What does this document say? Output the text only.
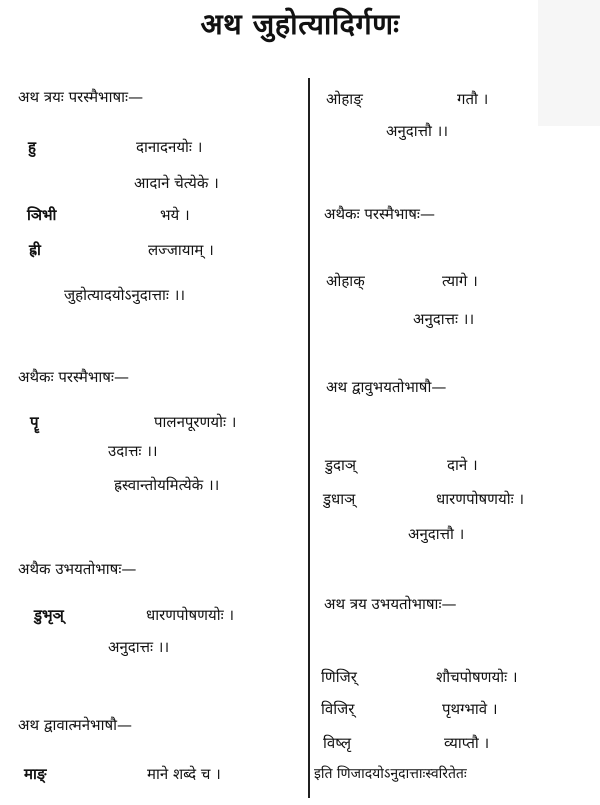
अथ जुहोत्यादिर्गणः
अथ त्रयः परस्मैभाषाः—
हु	दानादनयोः ।
आदाने चेत्येके ।
ञिभी	भये ।
ह्री	लज्जायाम् ।
जुहोत्यादयोऽनुदात्ताः ।।
अथैकः परस्मैभाषः—
पॄ	पालनपूरणयोः ।
उदात्तः ।।
ह्रस्वान्तोयमित्येके ।।
अथैक उभयतोभाषः—
डुभृञ्	धारणपोषणयोः ।
अनुदात्तः ।।
अथ द्वावात्मनेभाषौ—
माङ्	माने शब्दे च ।
ओहाङ्	गतौ ।
अनुदात्तौ ।।
अथैकः परस्मैभाषः—
ओहाक्	त्यागे ।
अनुदात्तः ।।
अथ द्वावुभयतोभाषौ—
डुदाञ्	दाने ।
डुधाञ्	धारणपोषणयोः ।
अनुदात्तौ ।
अथ त्रय उभयतोभाषाः—
णिजिर्	शौचपोषणयोः ।
विजिर्	पृथग्भावे ।
विष्लृ	व्याप्तौ ।
इति णिजादयोऽनुदात्ताःस्वरितेतः
